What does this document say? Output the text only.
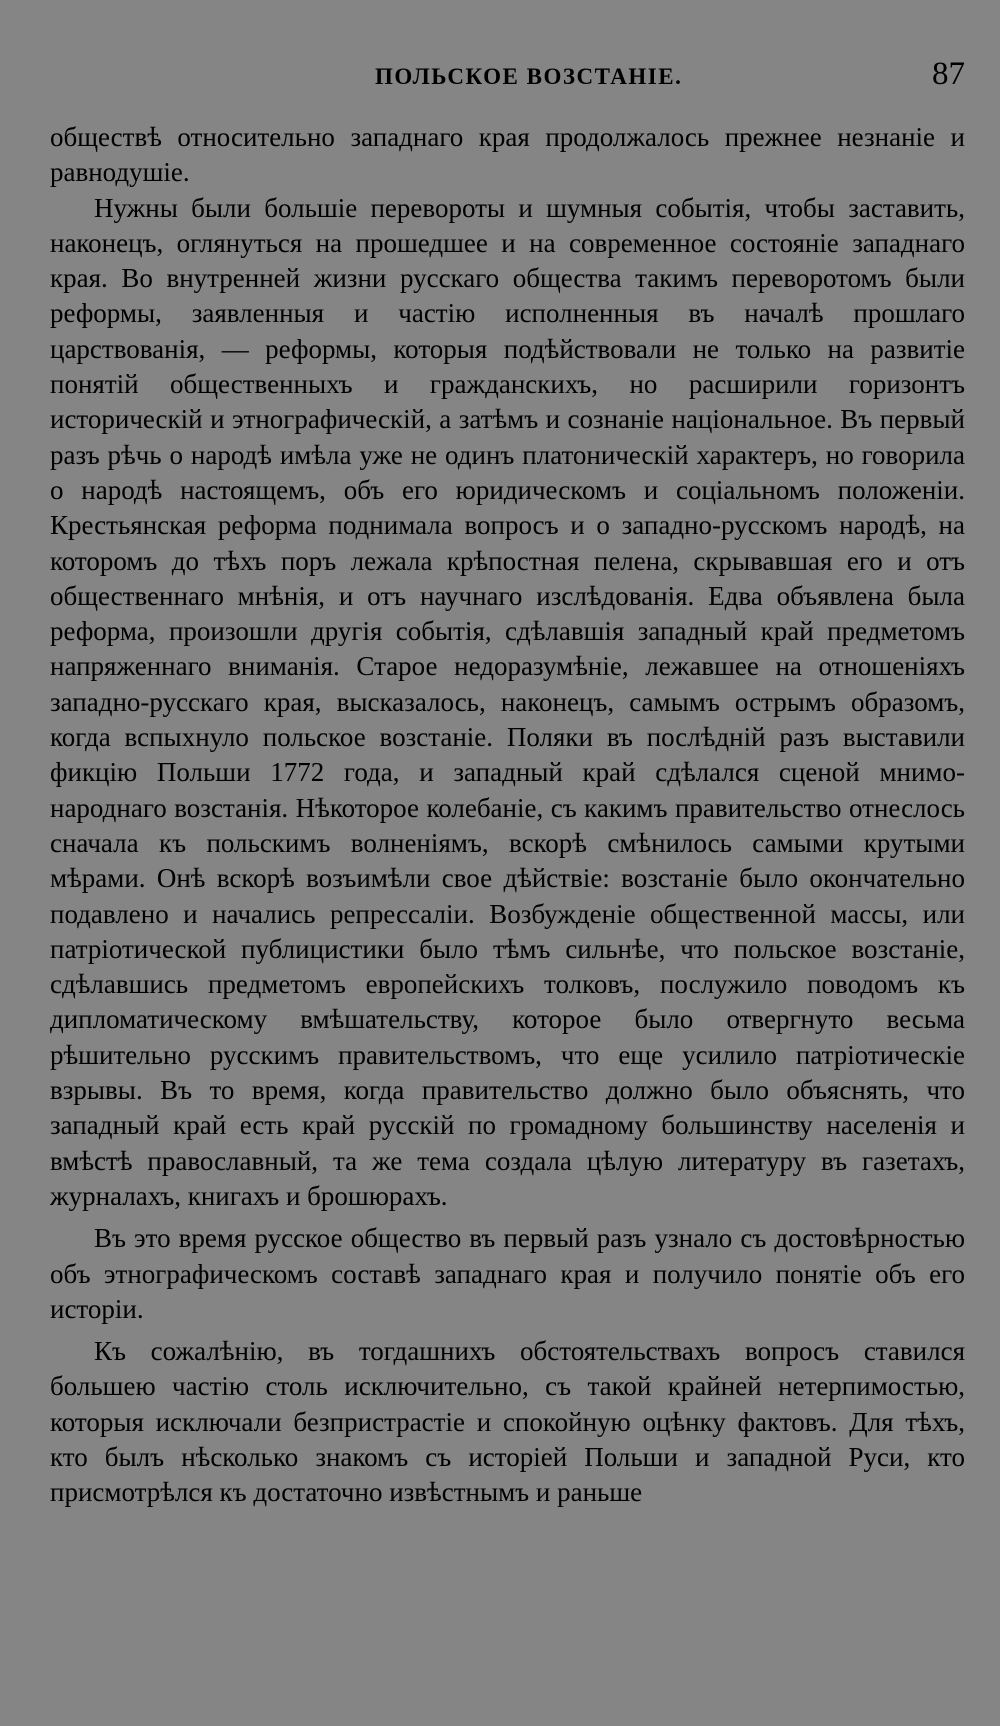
ПОЛЬСКОЕ ВОЗСТАНІЕ.	87

обществѣ относительно западнаго края продолжалось прежнее незнаніе и равнодушіе.

Нужны были большіе перевороты и шумныя событія, чтобы заставить, наконецъ, оглянуться на прошедшее и на современное состояніе западнаго края. Во внутренней жизни русскаго общества такимъ переворотомъ были реформы, заявленныя и частію исполненныя въ началѣ прошлаго царствованія, — реформы, которыя подѣйствовали не только на развитіе понятій общественныхъ и гражданскихъ, но расширили горизонтъ историческій и этнографическій, а затѣмъ и сознаніе національное. Въ первый разъ рѣчь о народѣ имѣла уже не одинъ платоническій характеръ, но говорила о народѣ настоящемъ, объ его юридическомъ и соціальномъ положеніи. Крестьянская реформа поднимала вопросъ и о западно-русскомъ народѣ, на которомъ до тѣхъ поръ лежала крѣпостная пелена, скрывавшая его и отъ общественнаго мнѣнія, и отъ научнаго изслѣдованія. Едва объявлена была реформа, произошли другія событія, сдѣлавшія западный край предметомъ напряженнаго вниманія. Старое недоразумѣніе, лежавшее на отношеніяхъ западно-русскаго края, высказалось, наконецъ, самымъ острымъ образомъ, когда вспыхнуло польское возстаніе. Поляки въ послѣдній разъ выставили фикцію Польши 1772 года, и западный край сдѣлался сценой мнимо-народнаго возстанія. Нѣкоторое колебаніе, съ какимъ правительство отнеслось сначала къ польскимъ волненіямъ, вскорѣ смѣнилось самыми крутыми мѣрами. Онѣ вскорѣ возъимѣли свое дѣйствіе: возстаніе было окончательно подавлено и начались репрессаліи. Возбужденіе общественной массы, или патріотической публицистики было тѣмъ сильнѣе, что польское возстаніе, сдѣлавшись предметомъ европейскихъ толковъ, послужило поводомъ къ дипломатическому вмѣшательству, которое было отвергнуто весьма рѣшительно русскимъ правительствомъ, что еще усилило патріотическіе взрывы. Въ то время, когда правительство должно было объяснять, что западный край есть край русскій по громадному большинству населенія и вмѣстѣ православный, та же тема создала цѣлую литературу въ газетахъ, журналахъ, книгахъ и брошюрахъ.

Въ это время русское общество въ первый разъ узнало съ достовѣрностью объ этнографическомъ составѣ западнаго края и получило понятіе объ его исторіи.

Къ сожалѣнію, въ тогдашнихъ обстоятельствахъ вопросъ ставился большею частію столь исключительно, съ такой крайней нетерпимостью, которыя исключали безпристрастіе и спокойную оцѣнку фактовъ. Для тѣхъ, кто былъ нѣсколько знакомъ съ исторіей Польши и западной Руси, кто присмотрѣлся къ достаточно извѣстнымъ и раньше
